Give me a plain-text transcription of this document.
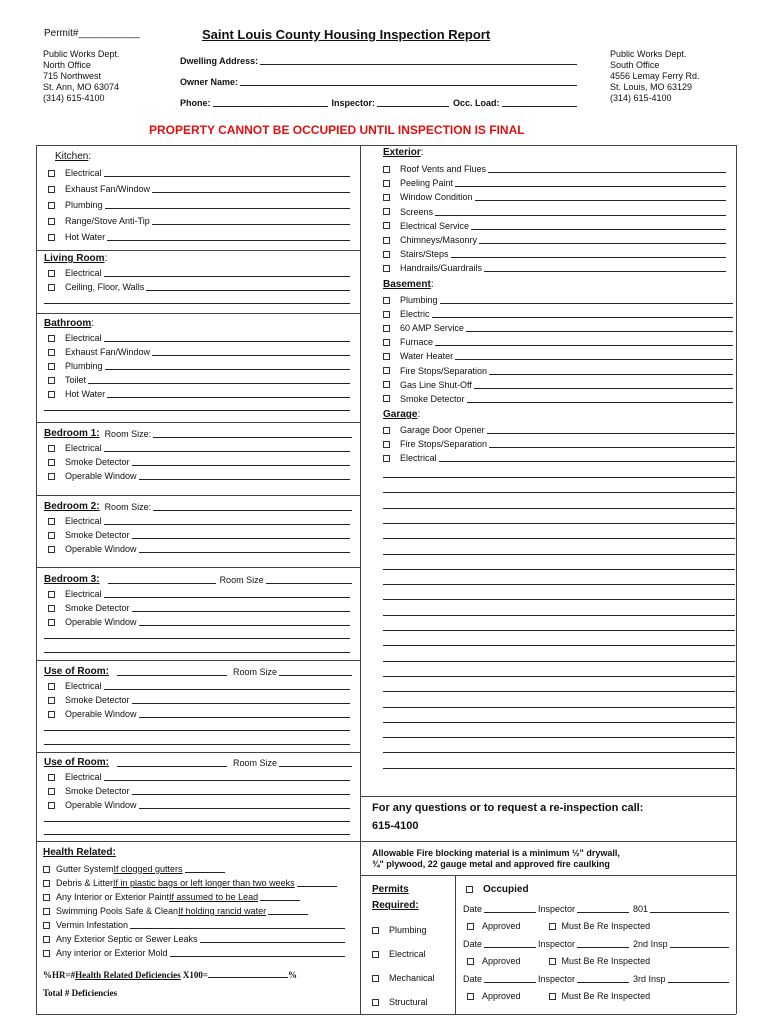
Permit#___________	Saint Louis County Housing Inspection Report
Public Works Dept.
North Office
715 Northwest
St. Ann, MO 63074
(314) 615-4100
Public Works Dept.
South Office
4556 Lemay Ferry Rd.
St. Louis, MO 63129
(314) 615-4100
Dwelling Address:
Owner Name:
Phone:	Inspector:	Occ. Load:
PROPERTY CANNOT BE OCCUPIED UNTIL INSPECTION IS FINAL
Kitchen:
Electrical
Exhaust Fan/Window
Plumbing
Range/Stove Anti-Tip
Hot Water
Living Room:
Electrical
Ceiling, Floor, Walls
Bathroom:
Electrical
Exhaust Fan/Window
Plumbing
Toilet
Hot Water
Bedroom 1: Room Size:
Electrical
Smoke Detector
Operable Window
Bedroom 2: Room Size:
Electrical
Smoke Detector
Operable Window
Bedroom 3:	Room Size
Electrical
Smoke Detector
Operable Window
Use of Room:	Room Size
Electrical
Smoke Detector
Operable Window
Use of Room:	Room Size
Electrical
Smoke Detector
Operable Window
Exterior:
Roof Vents and Flues
Peeling Paint
Window Condition
Screens
Electrical Service
Chimneys/Masonry
Stairs/Steps
Handrails/Guardrails
Basement:
Plumbing
Electric
60 AMP Service
Furnace
Water Heater
Fire Stops/Separation
Gas Line Shut-Off
Smoke Detector
Garage:
Garage Door Opener
Fire Stops/Separation
Electrical
For any questions or to request a re-inspection call:
615-4100
Allowable Fire blocking material is a minimum ½" drywall,
¾" plywood, 22 gauge metal and approved fire caulking
Health Related:
Gutter System If clogged gutters
Debris & Litter If in plastic bags or left longer than two weeks
Any Interior or Exterior Paint If assumed to be Lead
Swimming Pools Safe & Clean If holding rancid water
Vermin Infestation
Any Exterior Septic or Sewer Leaks
Any interior or Exterior Mold
%HR=#Health Related Deficiencies X100=	%
Total # Deficiencies
Permits
Required:
Occupied
Plumbing
Electrical
Mechanical
Structural
Date	Inspector	801
Approved	Must Be Re Inspected
Date	Inspector	2nd Insp
Approved	Must Be Re Inspected
Date	Inspector	3rd Insp
Approved	Must Be Re Inspected
